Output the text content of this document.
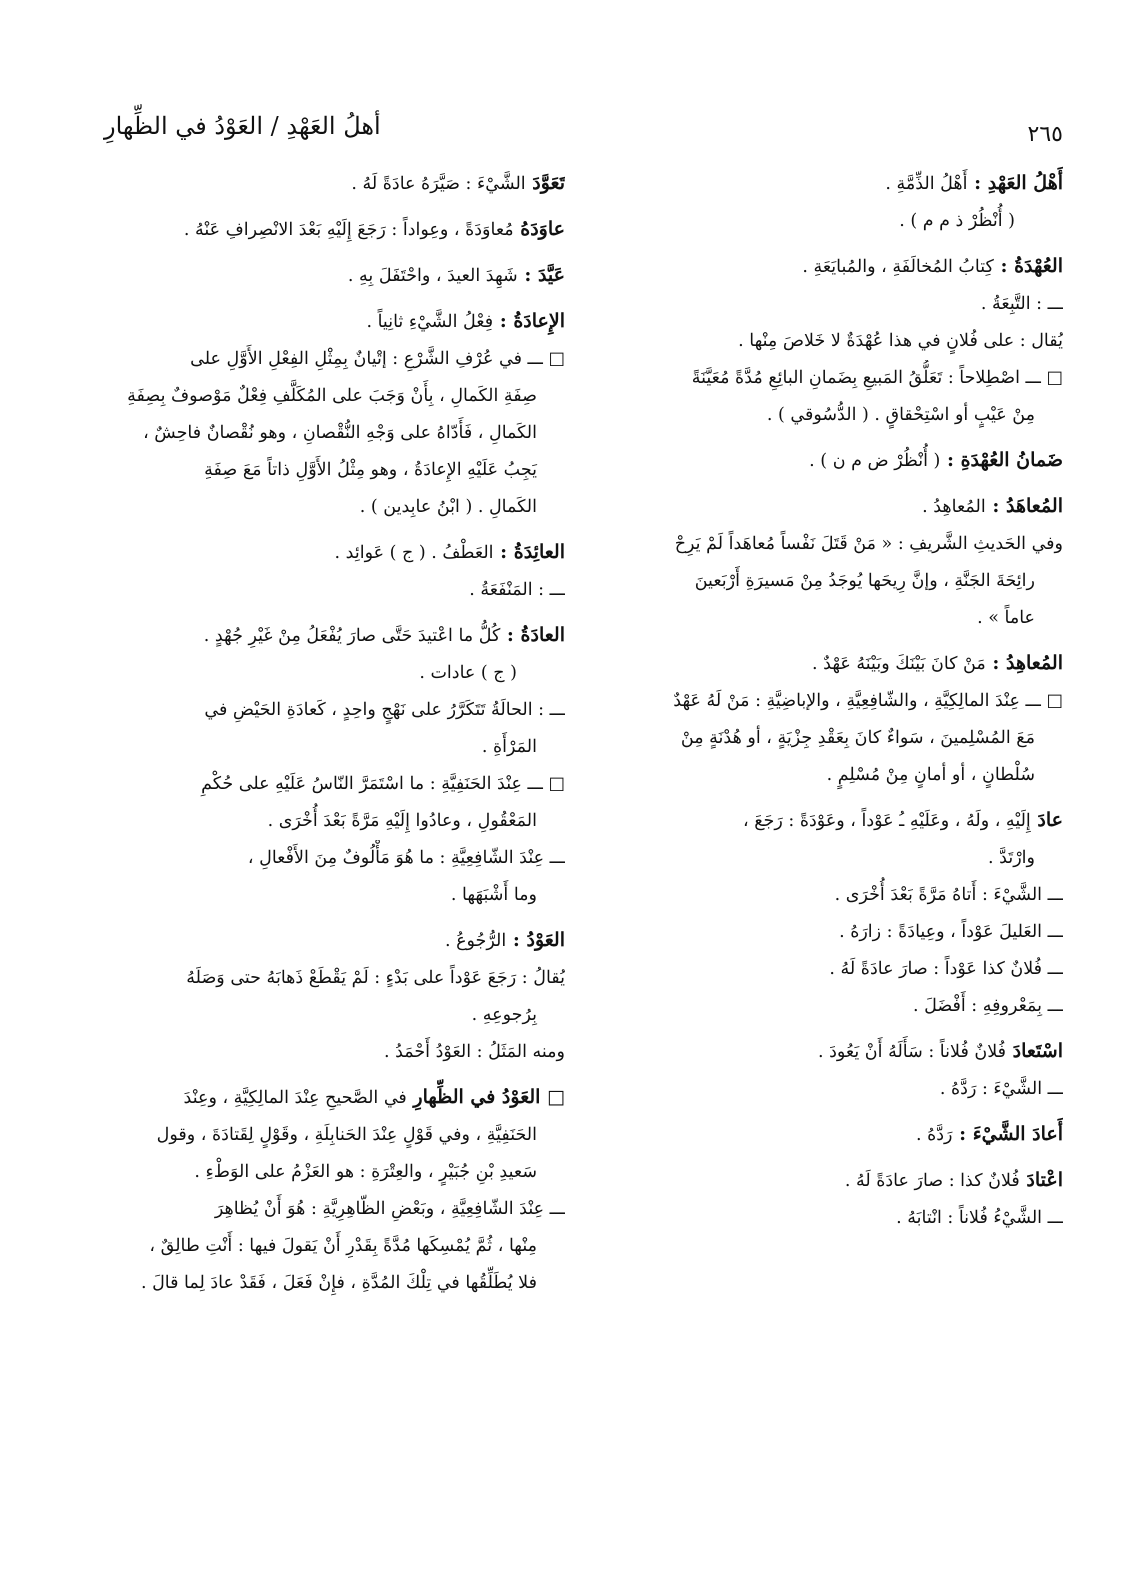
٢٦٥
أهلُ العَهْدِ / العَوْدُ في الظِّهارِ
أَهْلُ العَهْدِ : أَهْلُ الذِّمَّةِ .
( أُنْظُرْ ذ م م ) .
العُهْدَةُ : كِتابُ المُخالَفَةِ ، والمُبايَعَةِ .
ـــ : التَّبِعَةُ .
يُقال : على فُلانٍ في هذا عُهْدَةٌ لا خَلاصَ مِنْها .
□ ـــ اصْطِلاحاً : تَعَلُّقُ المَبيعِ بِضَمانِ البائِعِ مُدَّةً مُعَيَّنَةً
مِنْ عَيْبٍ أو اسْتِحْقاقٍ . ( الدُّسُوقي ) .
ضَمانُ العُهْدَةِ : ( أُنْظُرْ ض م ن ) .
المُعاهَدُ : المُعاهِدُ .
وفي الحَديثِ الشَّريفِ : « مَنْ قَتَلَ نَفْساً مُعاهَداً لَمْ يَرِحْ
رائِحَةَ الجَنَّةِ ، وإنَّ رِيحَها يُوجَدُ مِنْ مَسيرَةِ أَرْبَعينَ
عاماً » .
المُعاهِدُ : مَنْ كانَ بَيْنَكَ وبَيْنَهُ عَهْدٌ .
□ ـــ عِنْدَ المالِكِيَّةِ ، والشّافِعِيَّةِ ، والإباضِيَّةِ : مَنْ لَهُ عَهْدٌ
مَعَ المُسْلِمينَ ، سَواءٌ كانَ بِعَقْدِ جِزْيَةٍ ، أو هُدْنَةٍ مِنْ
سُلْطانٍ ، أو أمانٍ مِنْ مُسْلِمٍ .
عادَ إِلَيْهِ ، ولَهُ ، وعَلَيْهِ ـُ عَوْداً ، وعَوْدَةً : رَجَعَ ،
وارْتَدَّ .
ـــ الشَّيْءَ : أَتاهُ مَرَّةً بَعْدَ أُخْرَى .
ـــ العَليلَ عَوْداً ، وعِيادَةً : زارَهُ .
ـــ فُلانٌ كذا عَوْداً : صارَ عادَةً لَهُ .
ـــ بِمَعْروفِهِ : أَفْضَلَ .
اسْتَعادَ فُلانٌ فُلاناً : سَأَلَهُ أَنْ يَعُودَ .
ـــ الشَّيْءَ : رَدَّهُ .
أَعادَ الشَّيْءَ : رَدَّهُ .
اعْتادَ فُلانٌ كذا : صارَ عادَةً لَهُ .
ـــ الشَّيْءُ فُلاناً : انْتابَهُ .
تَعَوَّدَ الشَّيْءَ : صَيَّرَهُ عادَةً لَهُ .
عاوَدَهُ مُعاوَدَةً ، وعِواداً : رَجَعَ إِلَيْهِ بَعْدَ الانْصِرافِ عَنْهُ .
عَيَّدَ : شَهِدَ العيدَ ، واحْتَفَلَ بِهِ .
الإِعادَةُ : فِعْلُ الشَّيْءِ ثانِياً .
□ ـــ في عُرْفِ الشَّرْعِ : إتْيانٌ بِمِثْلِ الفِعْلِ الأَوَّلِ على
صِفَةِ الكَمالِ ، بِأَنْ وَجَبَ على المُكَلَّفِ فِعْلٌ مَوْصوفٌ بِصِفَةِ
الكَمالِ ، فَأَدّاهُ على وَجْهِ النُّقْصانِ ، وهو نُقْصانٌ فاحِشٌ ،
يَجِبُ عَلَيْهِ الإِعادَةُ ، وهو مِثْلُ الأَوَّلِ ذاتاً مَعَ صِفَةِ
الكَمالِ . ( ابْنُ عابِدين ) .
العائِدَةُ : العَطْفُ . ( ج ) عَوائِد .
ـــ : المَنْفَعَةُ .
العادَةُ : كُلُّ ما اعْتيدَ حَتَّى صارَ يُفْعَلُ مِنْ غَيْرِ جُهْدٍ .
( ج ) عادات .
ـــ : الحالَةُ تَتَكَرَّرُ على نَهْجٍ واحِدٍ ، كَعادَةِ الحَيْضِ في
المَرْأَةِ .
□ ـــ عِنْدَ الحَنَفِيَّةِ : ما اسْتَمَرَّ النّاسُ عَلَيْهِ على حُكْمِ
المَعْقُولِ ، وعادُوا إِلَيْهِ مَرَّةً بَعْدَ أُخْرَى .
ـــ عِنْدَ الشّافِعِيَّةِ : ما هُوَ مَأْلُوفٌ مِنَ الأَفْعالِ ،
وما أَشْبَهَها .
العَوْدُ : الرُّجُوعُ .
يُقالُ : رَجَعَ عَوْداً على بَدْءٍ : لَمْ يَقْطَعْ ذَهابَهُ حتى وَصَلَهُ
بِرُجوعِهِ .
ومنه المَثَلُ : العَوْدُ أَحْمَدُ .
□ العَوْدُ في الظِّهارِ في الصَّحيحِ عِنْدَ المالِكِيَّةِ ، وعِنْدَ
الحَنَفِيَّةِ ، وفي قَوْلٍ عِنْدَ الحَنابِلَةِ ، وقَوْلٍ لِقَتادَةَ ، وقول
سَعيدِ بْنِ جُبَيْرٍ ، والعِتْرَةِ : هو العَزْمُ على الوَطْءِ .
ـــ عِنْدَ الشّافِعِيَّةِ ، وبَعْضِ الظّاهِرِيَّةِ : هُوَ أَنْ يُظاهِرَ
مِنْها ، ثُمَّ يُمْسِكَها مُدَّةً بِقَدْرِ أَنْ يَقولَ فيها : أَنْتِ طالِقٌ ،
فلا يُطَلِّقُها في تِلْكَ المُدَّةِ ، فإِنْ فَعَلَ ، فَقَدْ عادَ لِما قالَ .
